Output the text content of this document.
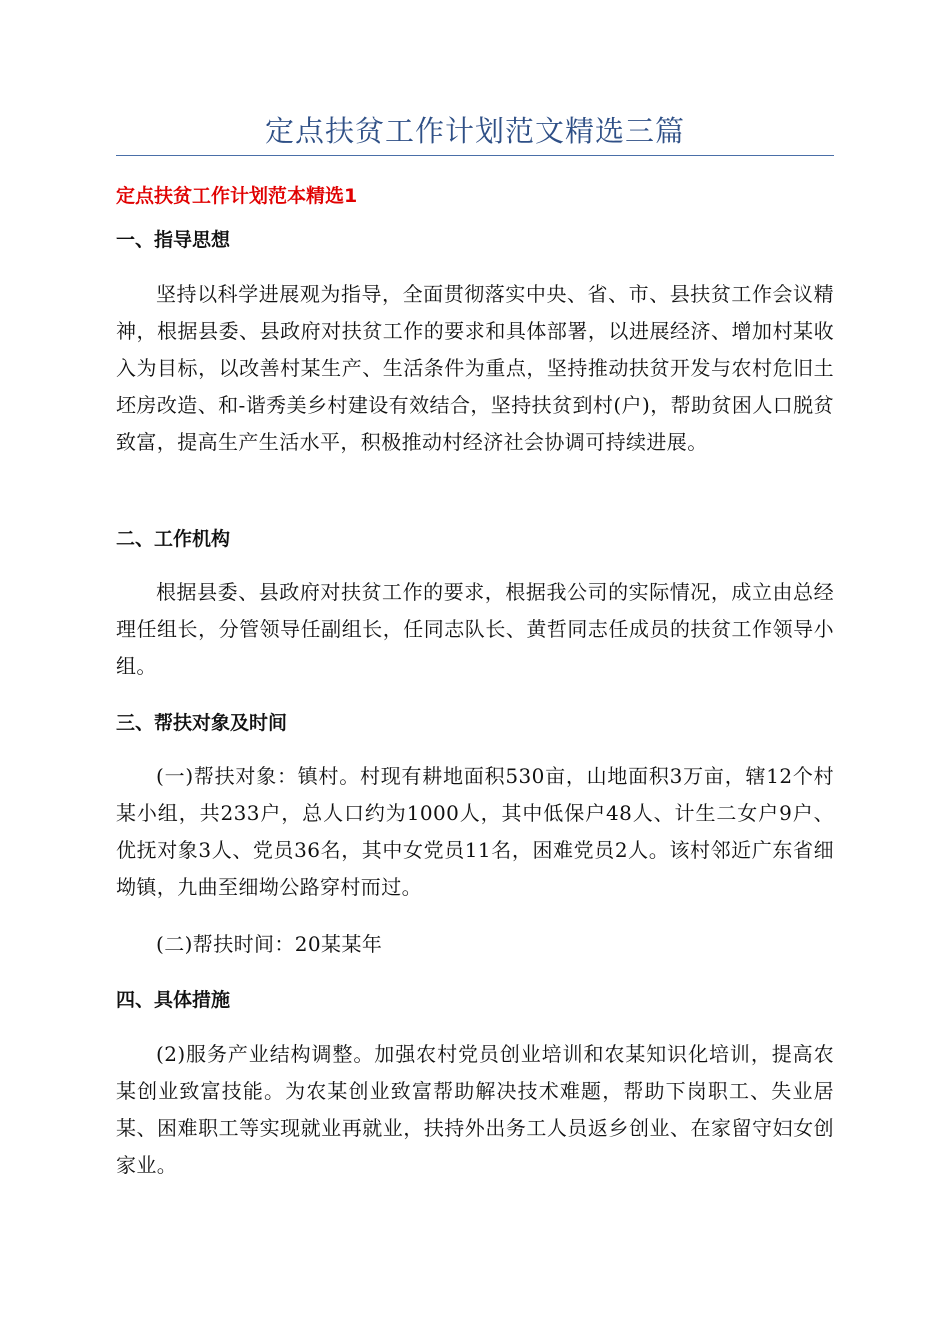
定点扶贫工作计划范文精选三篇
定点扶贫工作计划范本精选1
一、指导思想

坚持以科学进展观为指导，全面贯彻落实中央、省、市、县扶贫工作会议精神，根据县委、县政府对扶贫工作的要求和具体部署，以进展经济、增加村某收入为目标，以改善村某生产、生活条件为重点，坚持推动扶贫开发与农村危旧土坯房改造、和-谐秀美乡村建设有效结合，坚持扶贫到村(户)，帮助贫困人口脱贫致富，提高生产生活水平，积极推动村经济社会协调可持续进展。

二、工作机构

根据县委、县政府对扶贫工作的要求，根据我公司的实际情况，成立由总经理任组长，分管领导任副组长，任同志队长、黄哲同志任成员的扶贫工作领导小组。

三、帮扶对象及时间

(一)帮扶对象：镇村。村现有耕地面积530亩，山地面积3万亩，辖12个村某小组，共233户，总人口约为1000人，其中低保户48人、计生二女户9户、优抚对象3人、党员36名，其中女党员11名，困难党员2人。该村邻近广东省细坳镇，九曲至细坳公路穿村而过。

(二)帮扶时间：20某某年

四、具体措施

(2)服务产业结构调整。加强农村党员创业培训和农某知识化培训，提高农某创业致富技能。为农某创业致富帮助解决技术难题，帮助下岗职工、失业居某、困难职工等实现就业再就业，扶持外出务工人员返乡创业、在家留守妇女创家业。
